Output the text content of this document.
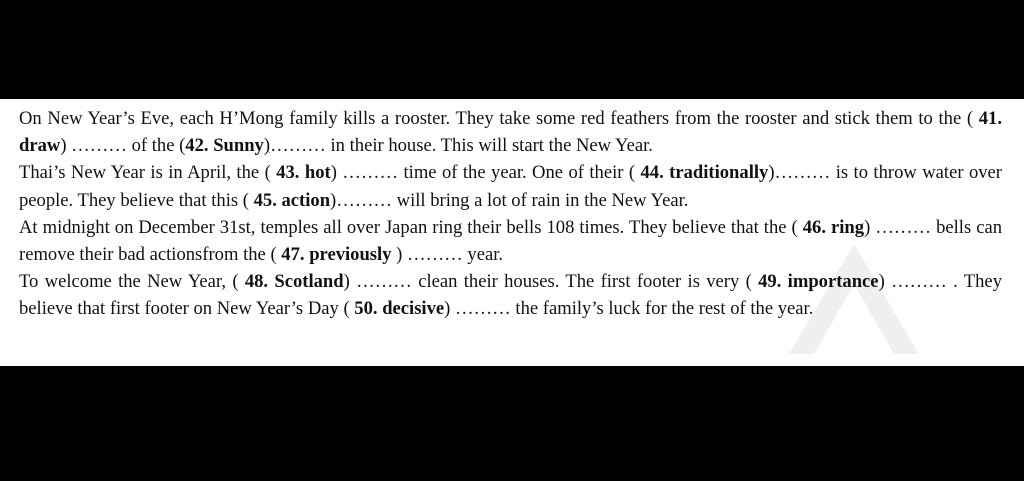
On New Year’s Eve, each H’Mong family kills a rooster. They take some red feathers from the rooster and stick them to the ( 41. draw) ……… of the (42. Sunny)……… in their house. This will start the New Year.

Thai’s New Year is in April, the ( 43. hot) ……… time of the year. One of their ( 44. traditionally)……… is to throw water over people. They believe that this ( 45. action)……… will bring a lot of rain in the New Year.

At midnight on December 31st, temples all over Japan ring their bells 108 times. They believe that the ( 46. ring) ……… bells can remove their bad actionsfrom the ( 47. previously ) ……… year.

To welcome the New Year, ( 48. Scotland) ……… clean their houses. The first footer is very ( 49. importance) ……… . They believe that first footer on New Year’s Day ( 50. decisive) ……… the family’s luck for the rest of the year.
